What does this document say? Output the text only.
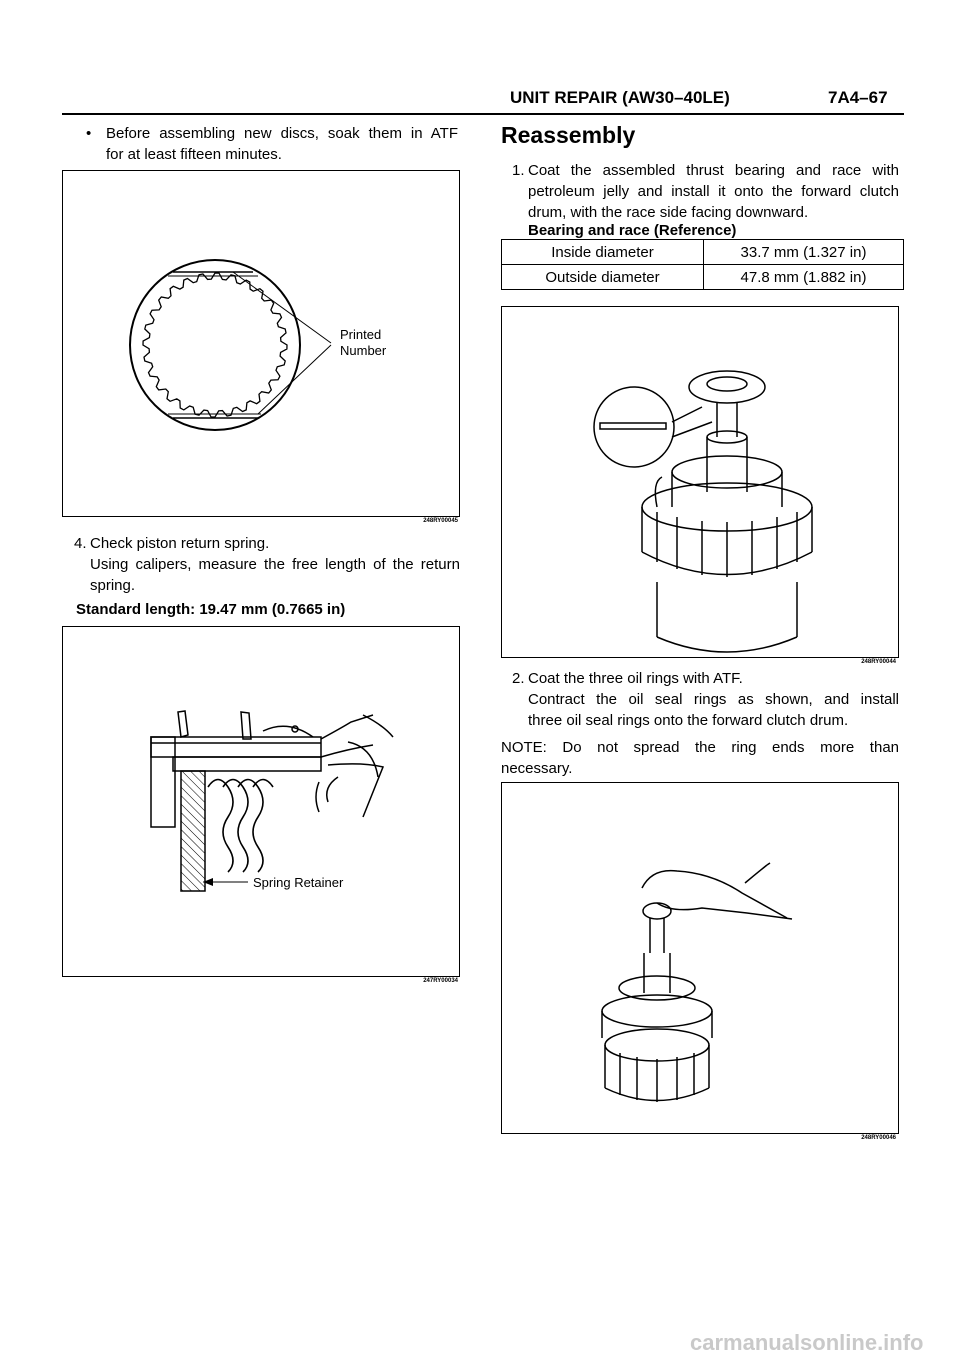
UNIT REPAIR (AW30–40LE)	7A4–67
• Before assembling new discs, soak them in ATF
for at least fifteen minutes.
Printed
Number
248RY00045
4. Check piston return spring.
Using calipers, measure the free length of the return
spring.
Standard length: 19.47 mm (0.7665 in)
Spring Retainer
247RY00034
Reassembly
1. Coat the assembled thrust bearing and race with
petroleum jelly and install it onto the forward clutch
drum, with the race side facing downward.
Bearing and race (Reference)
Inside diameter	33.7 mm (1.327 in)
Outside diameter	47.8 mm (1.882 in)
248RY00044
2. Coat the three oil rings with ATF.
Contract the oil seal rings as shown, and install
three oil seal rings onto the forward clutch drum.
NOTE: Do not spread the ring ends more than
necessary.
248RY00046
carmanualsonline.info
